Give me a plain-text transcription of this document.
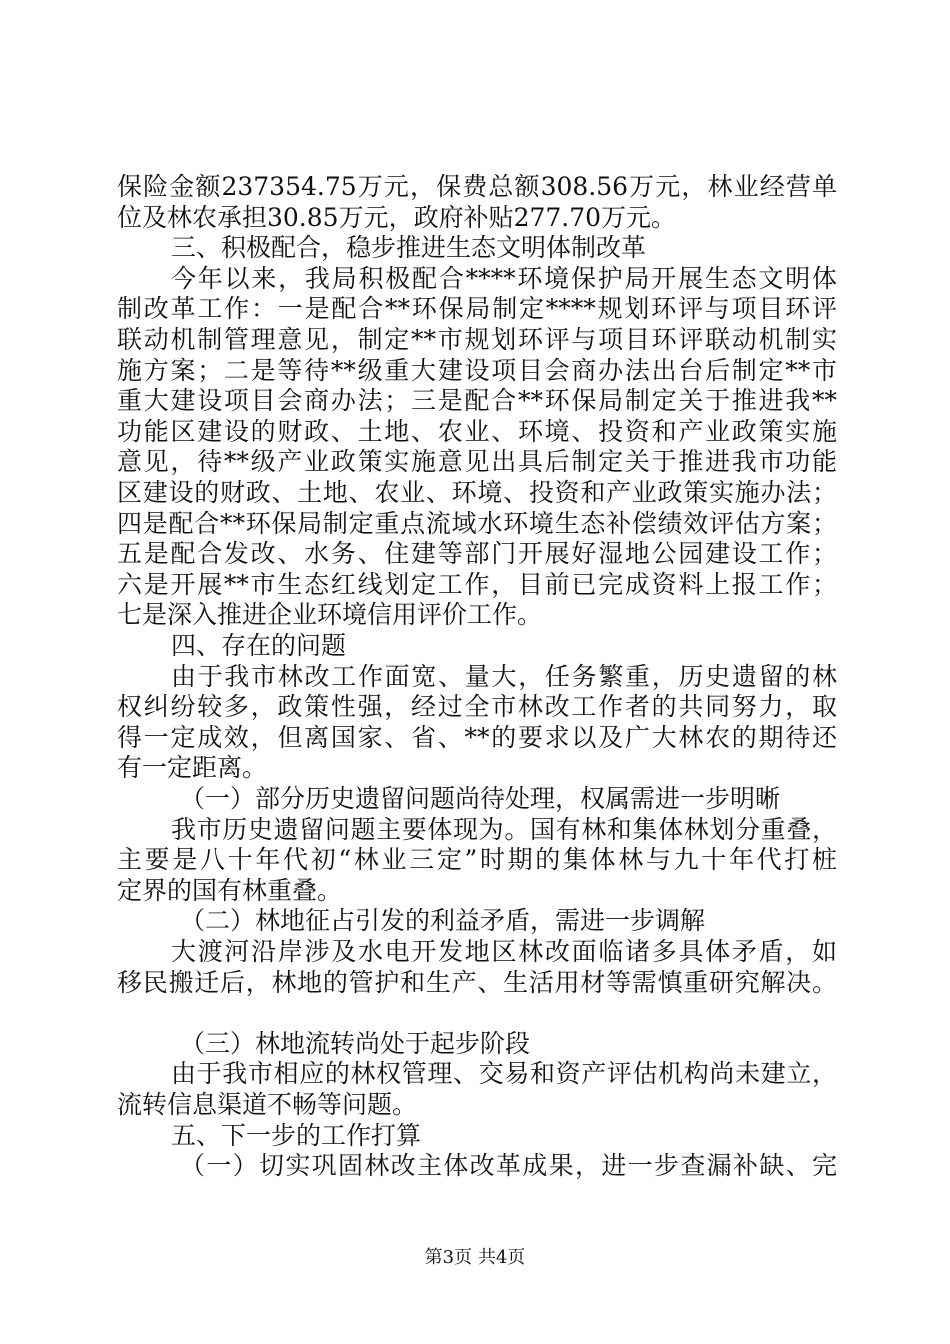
保险金额237354.75万元，保费总额308.56万元，林业经营单
位及林农承担30.85万元，政府补贴277.70万元。
三、积极配合，稳步推进生态文明体制改革
今年以来，我局积极配合****环境保护局开展生态文明体
制改革工作：一是配合**环保局制定****规划环评与项目环评
联动机制管理意见，制定**市规划环评与项目环评联动机制实
施方案；二是等待**级重大建设项目会商办法出台后制定**市
重大建设项目会商办法；三是配合**环保局制定关于推进我**
功能区建设的财政、土地、农业、环境、投资和产业政策实施
意见，待**级产业政策实施意见出具后制定关于推进我市功能
区建设的财政、土地、农业、环境、投资和产业政策实施办法；
四是配合**环保局制定重点流域水环境生态补偿绩效评估方案；
五是配合发改、水务、住建等部门开展好湿地公园建设工作；
六是开展**市生态红线划定工作，目前已完成资料上报工作；
七是深入推进企业环境信用评价工作。
四、存在的问题
由于我市林改工作面宽、量大，任务繁重，历史遗留的林
权纠纷较多，政策性强，经过全市林改工作者的共同努力，取
得一定成效，但离国家、省、**的要求以及广大林农的期待还
有一定距离。
（一）部分历史遗留问题尚待处理，权属需进一步明晰
我市历史遗留问题主要体现为。国有林和集体林划分重叠，
主要是八十年代初“林业三定”时期的集体林与九十年代打桩
定界的国有林重叠。
（二）林地征占引发的利益矛盾，需进一步调解
大渡河沿岸涉及水电开发地区林改面临诸多具体矛盾，如
移民搬迁后，林地的管护和生产、生活用材等需慎重研究解决。
（三）林地流转尚处于起步阶段
由于我市相应的林权管理、交易和资产评估机构尚未建立，
流转信息渠道不畅等问题。
五、下一步的工作打算
（一）切实巩固林改主体改革成果，进一步查漏补缺、完
第3页 共4页
